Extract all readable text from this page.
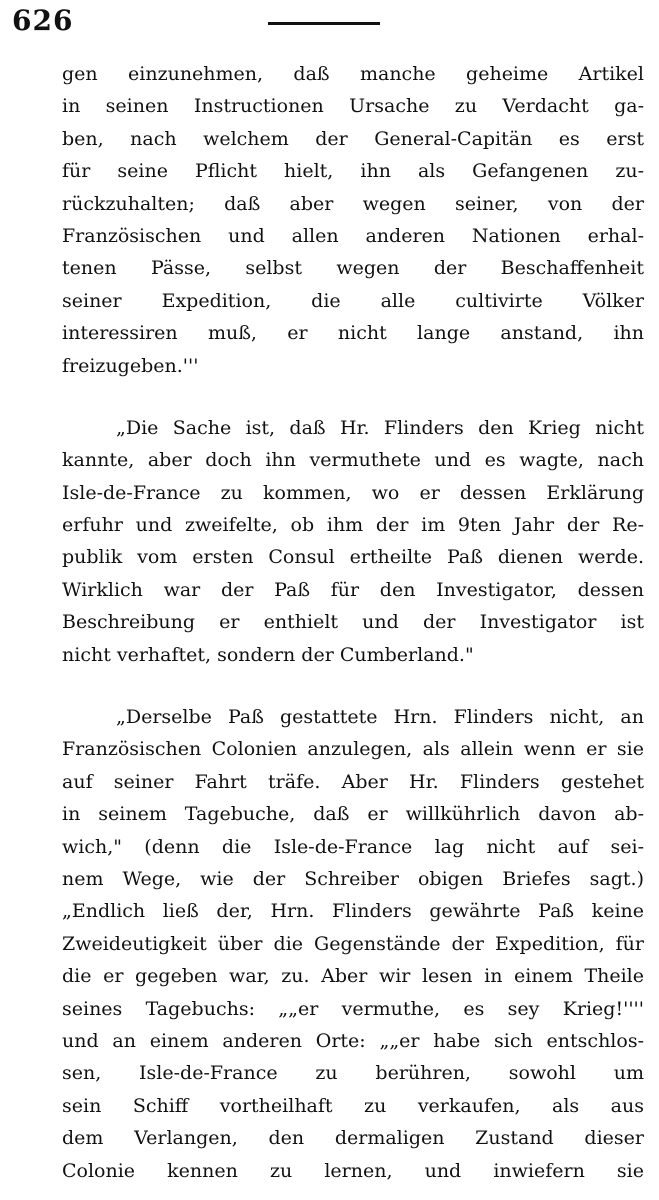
626
gen einzunehmen, daß manche geheime Artikel
in seinen Instructionen Ursache zu Verdacht ga-
ben, nach welchem der General-Capitän es erst
für seine Pflicht hielt, ihn als Gefangenen zu-
rückzuhalten; daß aber wegen seiner, von der
Französischen und allen anderen Nationen erhal-
tenen Pässe, selbst wegen der Beschaffenheit
seiner Expedition, die alle cultivirte Völker
interessiren muß, er nicht lange anstand, ihn
freizugeben.'''
„Die Sache ist, daß Hr. Flinders den Krieg nicht
kannte, aber doch ihn vermuthete und es wagte, nach
Isle-de-France zu kommen, wo er dessen Erklärung
erfuhr und zweifelte, ob ihm der im 9ten Jahr der Re-
publik vom ersten Consul ertheilte Paß dienen werde.
Wirklich war der Paß für den Investigator, dessen
Beschreibung er enthielt und der Investigator ist
nicht verhaftet, sondern der Cumberland."
„Derselbe Paß gestattete Hrn. Flinders nicht, an
Französischen Colonien anzulegen, als allein wenn er sie
auf seiner Fahrt träfe. Aber Hr. Flinders gestehet
in seinem Tagebuche, daß er willkührlich davon ab-
wich," (denn die Isle-de-France lag nicht auf sei-
nem Wege, wie der Schreiber obigen Briefes sagt.)
„Endlich ließ der, Hrn. Flinders gewährte Paß keine
Zweideutigkeit über die Gegenstände der Expedition, für
die er gegeben war, zu. Aber wir lesen in einem Theile
seines Tagebuchs: „„er vermuthe, es sey Krieg!''''
und an einem anderen Orte: „„er habe sich entschlos-
sen, Isle-de-France zu berühren, sowohl um
sein Schiff vortheilhaft zu verkaufen, als aus
dem Verlangen, den dermaligen Zustand dieser
Colonie kennen zu lernen, und inwiefern sie
